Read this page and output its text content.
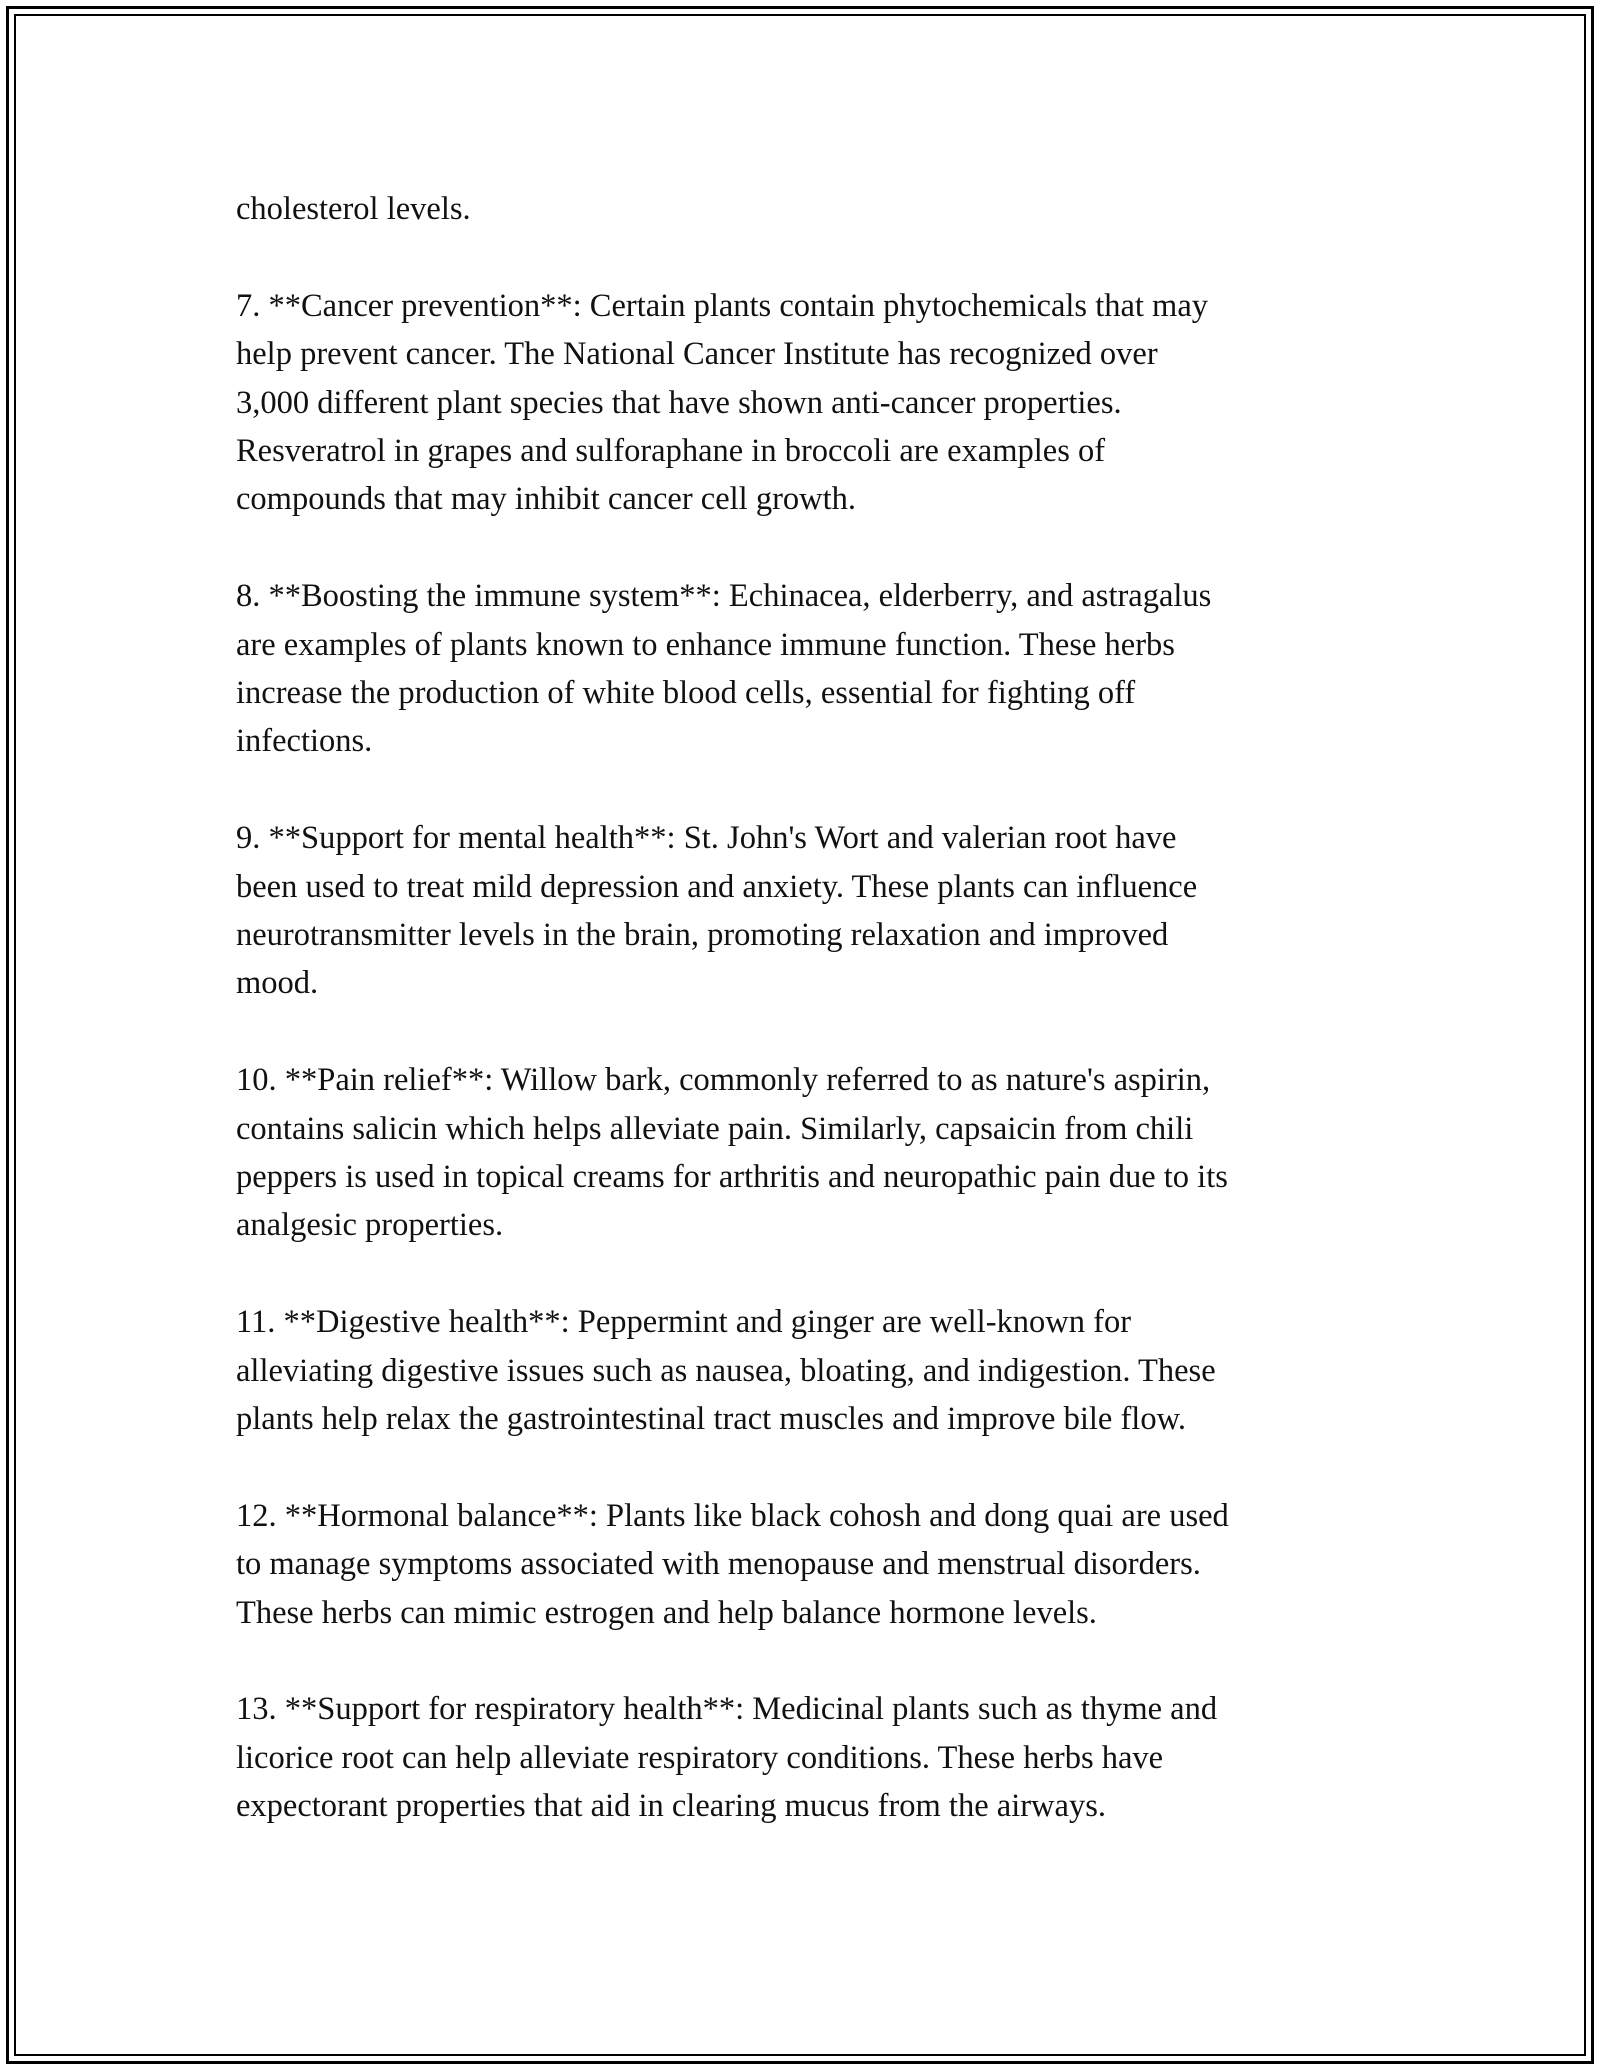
cholesterol levels.

7. **Cancer prevention**: Certain plants contain phytochemicals that may
help prevent cancer. The National Cancer Institute has recognized over
3,000 different plant species that have shown anti-cancer properties.
Resveratrol in grapes and sulforaphane in broccoli are examples of
compounds that may inhibit cancer cell growth.

8. **Boosting the immune system**: Echinacea, elderberry, and astragalus
are examples of plants known to enhance immune function. These herbs
increase the production of white blood cells, essential for fighting off
infections.

9. **Support for mental health**: St. John's Wort and valerian root have
been used to treat mild depression and anxiety. These plants can influence
neurotransmitter levels in the brain, promoting relaxation and improved
mood.

10. **Pain relief**: Willow bark, commonly referred to as nature's aspirin,
contains salicin which helps alleviate pain. Similarly, capsaicin from chili
peppers is used in topical creams for arthritis and neuropathic pain due to its
analgesic properties.

11. **Digestive health**: Peppermint and ginger are well-known for
alleviating digestive issues such as nausea, bloating, and indigestion. These
plants help relax the gastrointestinal tract muscles and improve bile flow.

12. **Hormonal balance**: Plants like black cohosh and dong quai are used
to manage symptoms associated with menopause and menstrual disorders.
These herbs can mimic estrogen and help balance hormone levels.

13. **Support for respiratory health**: Medicinal plants such as thyme and
licorice root can help alleviate respiratory conditions. These herbs have
expectorant properties that aid in clearing mucus from the airways.
